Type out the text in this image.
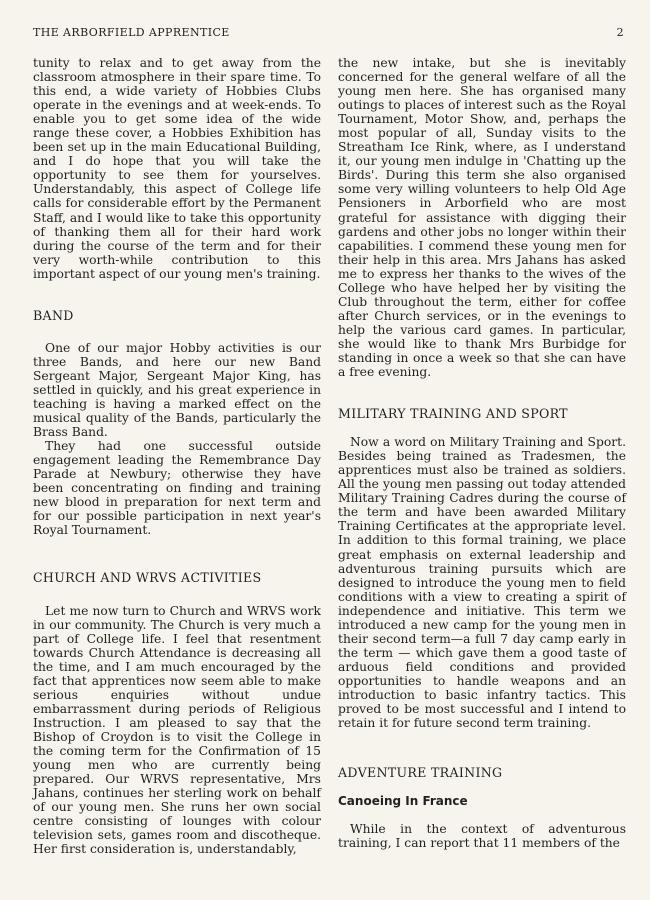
THE ARBORFIELD APPRENTICE	2

tunity to relax and to get away from the classroom atmosphere in their spare time. To this end, a wide variety of Hobbies Clubs operate in the evenings and at week-ends. To enable you to get some idea of the wide range these cover, a Hobbies Exhibition has been set up in the main Educational Building, and I do hope that you will take the opportunity to see them for yourselves. Understandably, this aspect of College life calls for considerable effort by the Permanent Staff, and I would like to take this opportunity of thanking them all for their hard work during the course of the term and for their very worth-while contribution to this important aspect of our young men's training.

BAND

One of our major Hobby activities is our three Bands, and here our new Band Sergeant Major, Sergeant Major King, has settled in quickly, and his great experience in teaching is having a marked effect on the musical quality of the Bands, particularly the Brass Band.

They had one successful outside engagement leading the Remembrance Day Parade at Newbury; otherwise they have been concentrating on finding and training new blood in preparation for next term and for our possible participation in next year's Royal Tournament.

CHURCH AND WRVS ACTIVITIES

Let me now turn to Church and WRVS work in our community. The Church is very much a part of College life. I feel that resentment towards Church Attendance is decreasing all the time, and I am much encouraged by the fact that apprentices now seem able to make serious enquiries without undue embarrassment during periods of Religious Instruction. I am pleased to say that the Bishop of Croydon is to visit the College in the coming term for the Confirmation of 15 young men who are currently being prepared. Our WRVS representative, Mrs Jahans, continues her sterling work on behalf of our young men. She runs her own social centre consisting of lounges with colour television sets, games room and discotheque. Her first consideration is, understandably,

the new intake, but she is inevitably concerned for the general welfare of all the young men here. She has organised many outings to places of interest such as the Royal Tournament, Motor Show, and, perhaps the most popular of all, Sunday visits to the Streatham Ice Rink, where, as I understand it, our young men indulge in 'Chatting up the Birds'. During this term she also organised some very willing volunteers to help Old Age Pensioners in Arborfield who are most grateful for assistance with digging their gardens and other jobs no longer within their capabilities. I commend these young men for their help in this area. Mrs Jahans has asked me to express her thanks to the wives of the College who have helped her by visiting the Club throughout the term, either for coffee after Church services, or in the evenings to help the various card games. In particular, she would like to thank Mrs Burbidge for standing in once a week so that she can have a free evening.

MILITARY TRAINING AND SPORT

Now a word on Military Training and Sport. Besides being trained as Tradesmen, the apprentices must also be trained as soldiers. All the young men passing out today attended Military Training Cadres during the course of the term and have been awarded Military Training Certificates at the appropriate level. In addition to this formal training, we place great emphasis on external leadership and adventurous training pursuits which are designed to introduce the young men to field conditions with a view to creating a spirit of independence and initiative. This term we introduced a new camp for the young men in their second term—a full 7 day camp early in the term — which gave them a good taste of arduous field conditions and provided opportunities to handle weapons and an introduction to basic infantry tactics. This proved to be most successful and I intend to retain it for future second term training.

ADVENTURE TRAINING
Canoeing In France

While in the context of adventurous training, I can report that 11 members of the
